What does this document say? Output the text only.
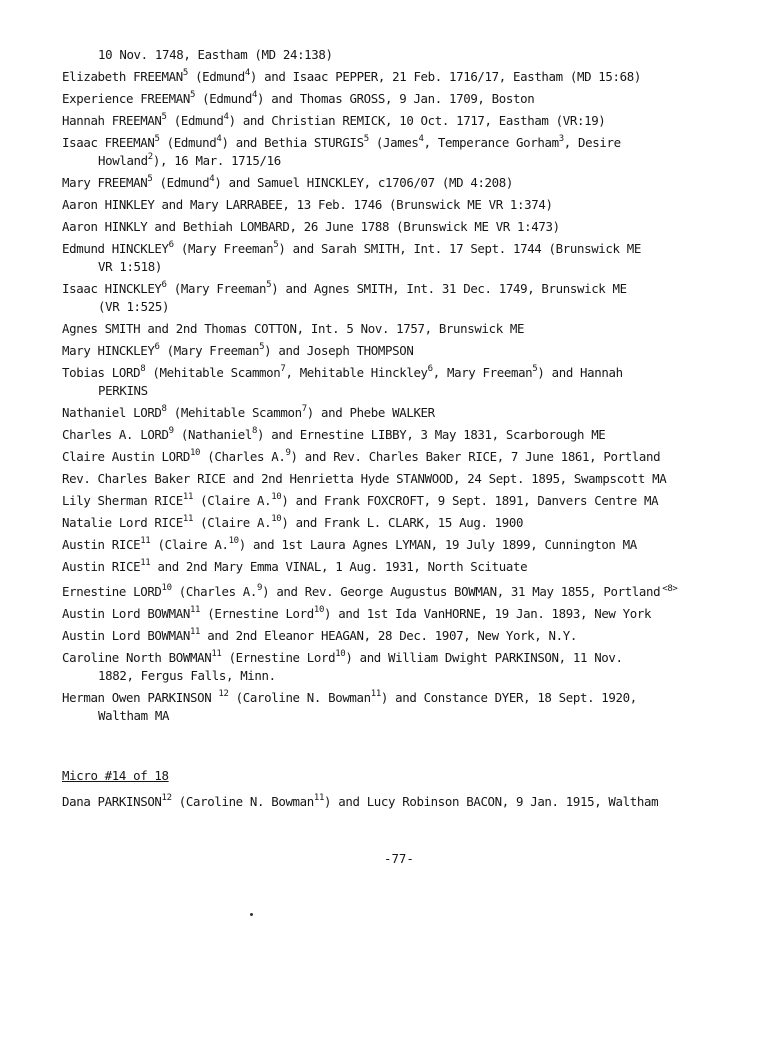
10 Nov. 1748, Eastham (MD 24:138)
Elizabeth FREEMAN$^5$ (Edmund$^4$) and Isaac PEPPER, 21 Feb. 1716/17, Eastham (MD 15:68)
Experience FREEMAN$^5$ (Edmund$^4$) and Thomas GROSS, 9 Jan. 1709, Boston
Hannah FREEMAN$^5$ (Edmund$^4$) and Christian REMICK, 10 Oct. 1717, Eastham (VR:19)
Isaac FREEMAN$^5$ (Edmund$^4$) and Bethia STURGIS$^5$ (James$^4$, Temperance Gorham$^3$, Desire
Howland$^2$), 16 Mar. 1715/16
Mary FREEMAN$^5$ (Edmund$^4$) and Samuel HINCKLEY, c1706/07 (MD 4:208)
Aaron HINKLEY and Mary LARRABEE, 13 Feb. 1746 (Brunswick ME VR 1:374)
Aaron HINKLY and Bethiah LOMBARD, 26 June 1788 (Brunswick ME VR 1:473)
Edmund HINCKLEY$^6$ (Mary Freeman$^5$) and Sarah SMITH, Int. 17 Sept. 1744 (Brunswick ME
VR 1:518)
Isaac HINCKLEY$^6$ (Mary Freeman$^5$) and Agnes SMITH, Int. 31 Dec. 1749, Brunswick ME
(VR 1:525)
Agnes SMITH and 2nd Thomas COTTON, Int. 5 Nov. 1757, Brunswick ME
Mary HINCKLEY$^6$ (Mary Freeman$^5$) and Joseph THOMPSON
Tobias LORD$^8$ (Mehitable Scammon$^7$, Mehitable Hinckley$^6$, Mary Freeman$^5$) and Hannah
PERKINS
Nathaniel LORD$^8$ (Mehitable Scammon$^7$) and Phebe WALKER
Charles A. LORD$^9$ (Nathaniel$^8$) and Ernestine LIBBY, 3 May 1831, Scarborough ME
Claire Austin LORD$^{10}$ (Charles A.$^9$) and Rev. Charles Baker RICE, 7 June 1861, Portland
Rev. Charles Baker RICE and 2nd Henrietta Hyde STANWOOD, 24 Sept. 1895, Swampscott MA
Lily Sherman RICE$^{11}$ (Claire A.$^{10}$) and Frank FOXCROFT, 9 Sept. 1891, Danvers Centre MA
Natalie Lord RICE$^{11}$ (Claire A.$^{10}$) and Frank L. CLARK, 15 Aug. 1900
Austin RICE$^{11}$ (Claire A.$^{10}$) and 1st Laura Agnes LYMAN, 19 July 1899, Cunnington MA
Austin RICE$^{11}$ and 2nd Mary Emma VINAL, 1 Aug. 1931, North Scituate
Ernestine LORD$^{10}$ (Charles A.$^9$) and Rev. George Augustus BOWMAN, 31 May 1855, Portland $^{<8>}$
Austin Lord BOWMAN$^{11}$ (Ernestine Lord$^{10}$) and 1st Ida VanHORNE, 19 Jan. 1893, New York
Austin Lord BOWMAN$^{11}$ and 2nd Eleanor HEAGAN, 28 Dec. 1907, New York, N.Y.
Caroline North BOWMAN$^{11}$ (Ernestine Lord$^{10}$) and William Dwight PARKINSON, 11 Nov.
1882, Fergus Falls, Minn.
Herman Owen PARKINSON $^{12}$ (Caroline N. Bowman$^{11}$) and Constance DYER, 18 Sept. 1920,
Waltham MA
Micro #14 of 18
Dana PARKINSON$^{12}$ (Caroline N. Bowman$^{11}$) and Lucy Robinson BACON, 9 Jan. 1915, Waltham
-77-
